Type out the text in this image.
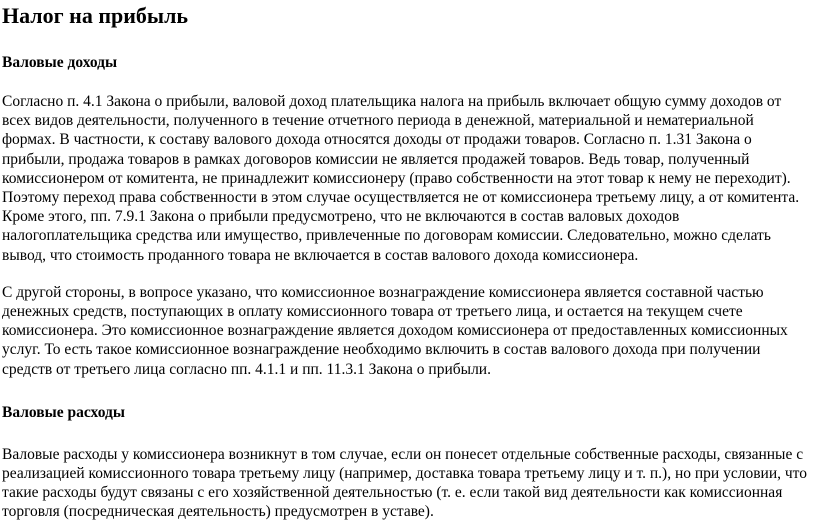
Налог на прибыль
Валовые доходы

Согласно п. 4.1 Закона о прибыли, валовой доход плательщика налога на прибыль включает общую сумму доходов от всех видов деятельности, полученного в течение отчетного периода в денежной, материальной и нематериальной формах. В частности, к составу валового дохода относятся доходы от продажи товаров. Согласно п. 1.31 Закона о прибыли, продажа товаров в рамках договоров комиссии не является продажей товаров. Ведь товар, полученный комиссионером от комитента, не принадлежит комиссионеру (право собственности на этот товар к нему не переходит). Поэтому переход права собственности в этом случае осуществляется не от комиссионера третьему лицу, а от комитента. Кроме этого, пп. 7.9.1 Закона о прибыли предусмотрено, что не включаются в состав валовых доходов налогоплательщика средства или имущество, привлеченные по договорам комиссии. Следовательно, можно сделать вывод, что стоимость проданного товара не включается в состав валового дохода комиссионера.

С другой стороны, в вопросе указано, что комиссионное вознаграждение комиссионера является составной частью денежных средств, поступающих в оплату комиссионного товара от третьего лица, и остается на текущем счете комиссионера. Это комиссионное вознаграждение является доходом комиссионера от предоставленных комиссионных услуг. То есть такое комиссионное вознаграждение необходимо включить в состав валового дохода при получении средств от третьего лица согласно пп. 4.1.1 и пп. 11.3.1 Закона о прибыли.

Валовые расходы

Валовые расходы у комиссионера возникнут в том случае, если он понесет отдельные собственные расходы, связанные с реализацией комиссионного товара третьему лицу (например, доставка товара третьему лицу и т. п.), но при условии, что такие расходы будут связаны с его хозяйственной деятельностью (т. е. если такой вид деятельности как комиссионная торговля (посредническая деятельность) предусмотрен в уставе).
